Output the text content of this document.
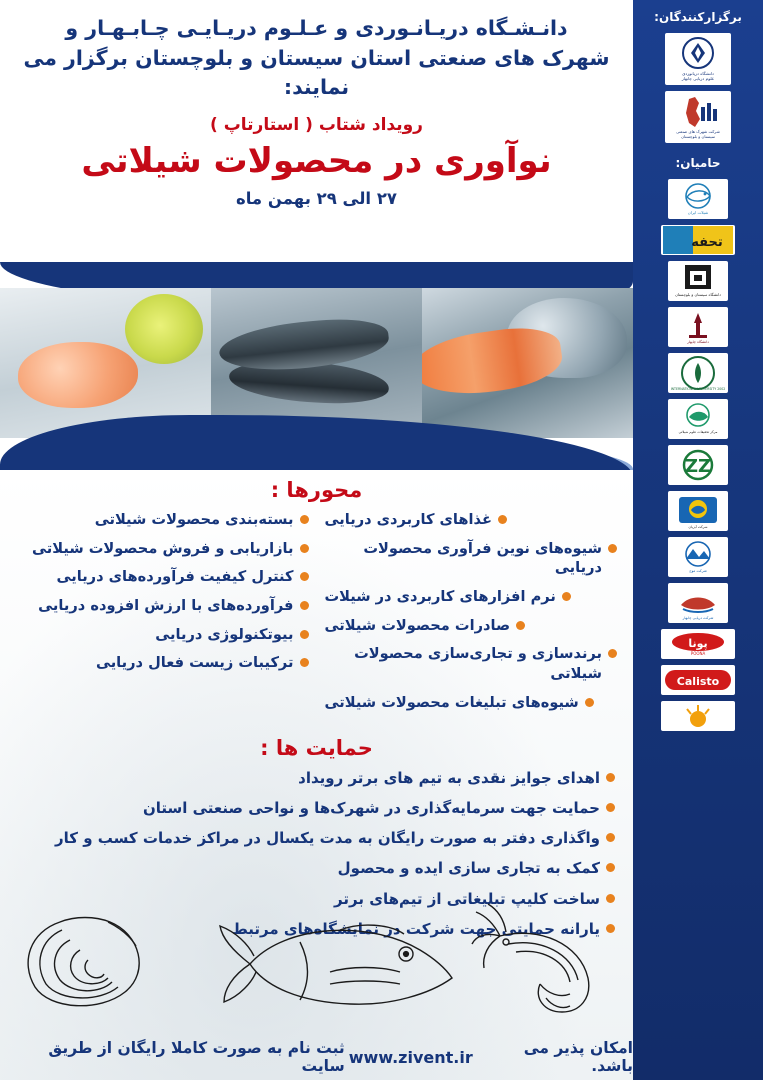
دانـشـگاه دریـانـوردی و عـلـوم دریـایـی چـابـهـار و
شهرک های صنعتی استان سیستان و بلوچستان برگزار می نمایند:
رویداد شتاب ( استارتاپ )
نوآوری در محصولات شیلاتی
۲۷ الی ۲۹ بهمن ماه
محورها :
غذاهای کاربردی دریایی
شیوه‌های نوین فرآوری محصولات دریایی
نرم افزارهای کاربردی در شیلات
صادرات محصولات شیلاتی
برندسازی و تجاری‌سازی محصولات شیلاتی
شیوه‌های تبلیغات محصولات شیلاتی
بسته‌بندی محصولات شیلاتی
بازاریابی و فروش محصولات شیلاتی
کنترل کیفیت فرآورده‌های دریایی
فرآورده‌های با ارزش افزوده دریایی
بیوتکنولوژی دریایی
ترکیبات زیست فعال دریایی
حمایت ها :
اهدای جوایز نقدی به تیم های برتر رویداد
حمایت جهت سرمایه‌گذاری در شهرک‌ها و نواحی صنعتی استان
واگذاری دفتر به صورت رایگان به مدت یکسال در مراکز خدمات کسب و کار
کمک به تجاری سازی ایده و محصول
ساخت کلیپ تبلیغاتی از تیم‌های برتر
یارانه حمایتی جهت شرکت در نمایشگاه‌های مرتبط
امکان پذیر می باشد.
www.zivent.ir
ثبت نام به صورت کاملا رایگان از طریق سایت
برگزارکنندگان:
دانشگاه دریانوردی
علوم دریایی چابهار
شرکت شهرک های صنعتی
سیستان و بلوچستان
حامیان:
شیلات ایران
تحفه
دانشگاه سیستان و بلوچستان
دانشگاه چابهار
INTERNATIONAL UNIVERSITY 2002
مرکز تحقیقات علوم شیلاتی
ZZ
شرکت آبزیان
شرکت موج
شرکت دریایی چابهار
پونا
POONA
Calisto
